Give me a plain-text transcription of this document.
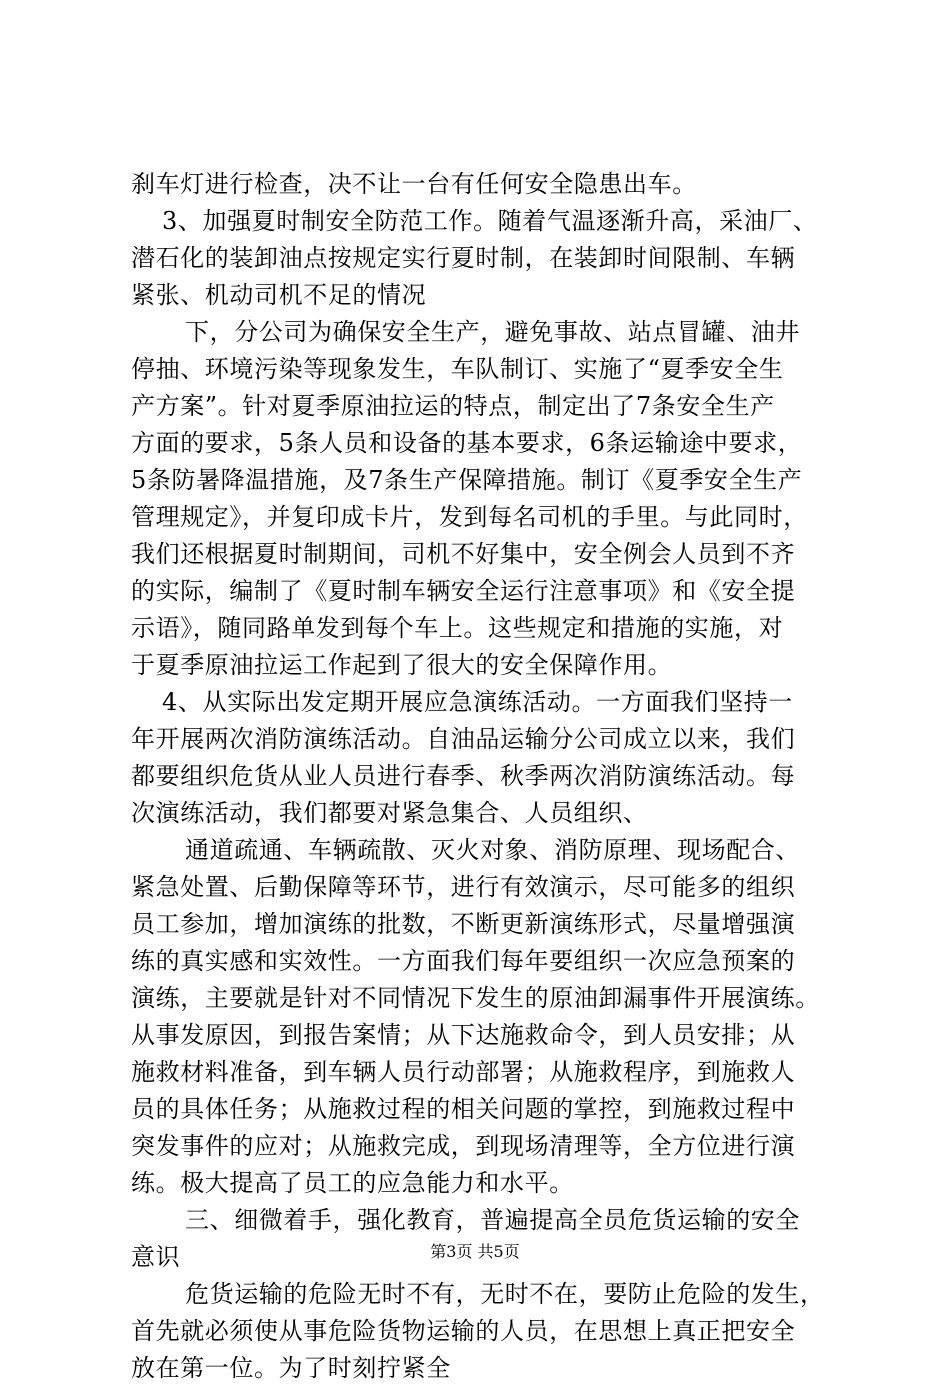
刹车灯进行检查，决不让一台有任何安全隐患出车。
3、加强夏时制安全防范工作。随着气温逐渐升高，采油厂、
潜石化的装卸油点按规定实行夏时制，在装卸时间限制、车辆
紧张、机动司机不足的情况
下，分公司为确保安全生产，避免事故、站点冒罐、油井
停抽、环境污染等现象发生，车队制订、实施了“夏季安全生
产方案”。针对夏季原油拉运的特点，制定出了7条安全生产
方面的要求，5条人员和设备的基本要求，6条运输途中要求，
5条防暑降温措施，及7条生产保障措施。制订《夏季安全生产
管理规定》，并复印成卡片，发到每名司机的手里。与此同时，
我们还根据夏时制期间，司机不好集中，安全例会人员到不齐
的实际，编制了《夏时制车辆安全运行注意事项》和《安全提
示语》，随同路单发到每个车上。这些规定和措施的实施，对
于夏季原油拉运工作起到了很大的安全保障作用。
4、从实际出发定期开展应急演练活动。一方面我们坚持一
年开展两次消防演练活动。自油品运输分公司成立以来，我们
都要组织危货从业人员进行春季、秋季两次消防演练活动。每
次演练活动，我们都要对紧急集合、人员组织、
通道疏通、车辆疏散、灭火对象、消防原理、现场配合、
紧急处置、后勤保障等环节，进行有效演示，尽可能多的组织
员工参加，增加演练的批数，不断更新演练形式，尽量增强演
练的真实感和实效性。一方面我们每年要组织一次应急预案的
演练，主要就是针对不同情况下发生的原油卸漏事件开展演练。
从事发原因，到报告案情；从下达施救命令，到人员安排；从
施救材料准备，到车辆人员行动部署；从施救程序，到施救人
员的具体任务；从施救过程的相关问题的掌控，到施救过程中
突发事件的应对；从施救完成，到现场清理等，全方位进行演
练。极大提高了员工的应急能力和水平。
三、细微着手，强化教育，普遍提高全员危货运输的安全
意识
危货运输的危险无时不有，无时不在，要防止危险的发生，
首先就必须使从事危险货物运输的人员，在思想上真正把安全
放在第一位。为了时刻拧紧全
第3页 共5页
